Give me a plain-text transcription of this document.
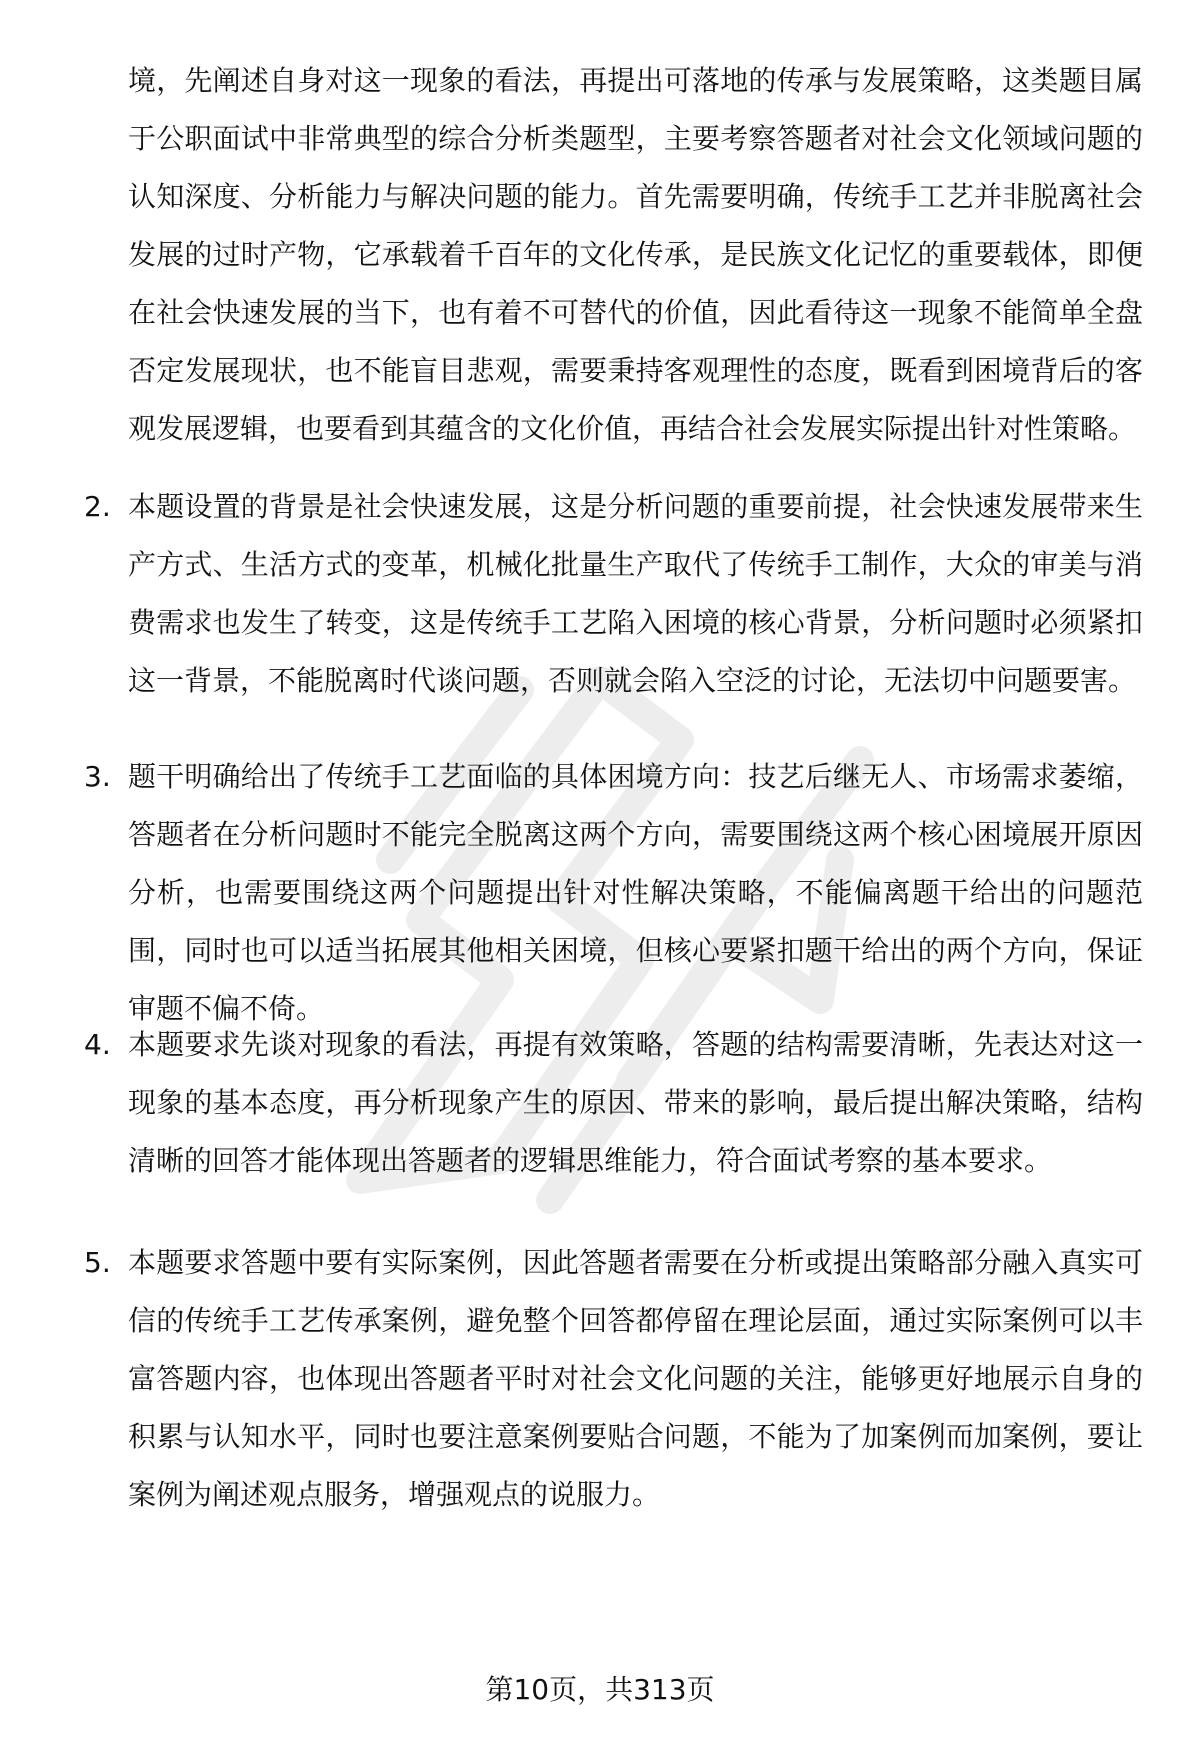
境，先阐述自身对这一现象的看法，再提出可落地的传承与发展策略，这类题目属于公职面试中非常典型的综合分析类题型，主要考察答题者对社会文化领域问题的认知深度、分析能力与解决问题的能力。首先需要明确，传统手工艺并非脱离社会发展的过时产物，它承载着千百年的文化传承，是民族文化记忆的重要载体，即便在社会快速发展的当下，也有着不可替代的价值，因此看待这一现象不能简单全盘否定发展现状，也不能盲目悲观，需要秉持客观理性的态度，既看到困境背后的客观发展逻辑，也要看到其蕴含的文化价值，再结合社会发展实际提出针对性策略。

2. 本题设置的背景是社会快速发展，这是分析问题的重要前提，社会快速发展带来生产方式、生活方式的变革，机械化批量生产取代了传统手工制作，大众的审美与消费需求也发生了转变，这是传统手工艺陷入困境的核心背景，分析问题时必须紧扣这一背景，不能脱离时代谈问题，否则就会陷入空泛的讨论，无法切中问题要害。
3. 题干明确给出了传统手工艺面临的具体困境方向：技艺后继无人、市场需求萎缩，答题者在分析问题时不能完全脱离这两个方向，需要围绕这两个核心困境展开原因分析，也需要围绕这两个问题提出针对性解决策略，不能偏离题干给出的问题范围，同时也可以适当拓展其他相关困境，但核心要紧扣题干给出的两个方向，保证审题不偏不倚。
4. 本题要求先谈对现象的看法，再提有效策略，答题的结构需要清晰，先表达对这一现象的基本态度，再分析现象产生的原因、带来的影响，最后提出解决策略，结构清晰的回答才能体现出答题者的逻辑思维能力，符合面试考察的基本要求。
5. 本题要求答题中要有实际案例，因此答题者需要在分析或提出策略部分融入真实可信的传统手工艺传承案例，避免整个回答都停留在理论层面，通过实际案例可以丰富答题内容，也体现出答题者平时对社会文化问题的关注，能够更好地展示自身的积累与认知水平，同时也要注意案例要贴合问题，不能为了加案例而加案例，要让案例为阐述观点服务，增强观点的说服力。
第10页，共313页
